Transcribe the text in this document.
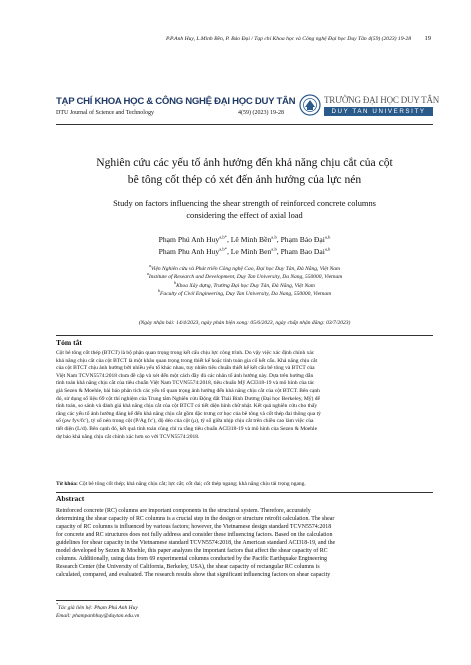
P.P.Anh Huy, L.Minh Bền, P. Bảo Đại / Tạp chí Khoa học và Công nghệ Đại học Duy Tân 4(59) (2023) 19-28	19
TẠP CHÍ KHOA HỌC & CÔNG NGHỆ ĐẠI HỌC DUY TÂN
DTU Journal of Science and Technology	4(59) (2023) 19-28
TRƯỜNG ĐẠI HỌC DUY TÂN
DUY TAN UNIVERSITY
Nghiên cứu các yếu tố ảnh hưởng đến khả năng chịu cắt của cột
bê tông cốt thép có xét đến ảnh hưởng của lực nén
Study on factors influencing the shear strength of reinforced concrete columns
considering the effect of axial load
Phạm Phú Anh Huy$^{a,b*}$, Lê Minh Bền$^{a,b}$, Phạm Bảo Đại$^{a,b}$
Pham Phu Anh Huy$^{a,b*}$, Le Minh Ben$^{a,b}$, Pham Bao Dai$^{a,b}$
$^a$Viện Nghiên cứu và Phát triển Công nghệ Cao, Đại học Duy Tân, Đà Nẵng, Việt Nam
$^a$Institute of Research and Development, Duy Tan University, Da Nang, 550000, Vietnam
$^b$Khoa Xây dựng, Trường Đại học Duy Tân, Đà Nẵng, Việt Nam
$^b$Faculty of Civil Engineering, Duy Tan University, Da Nang, 550000, Vietnam
(Ngày nhận bài: 14/4/2023, ngày phản biện xong: 05/6/2023, ngày chấp nhận đăng: 03/7/2023)
Tóm tắt
Cột bê tông cốt thép (BTCT) là bộ phận quan trọng trong kết cấu chịu lực công trình. Do vậy việc xác định chính xác
khả năng chịu cắt của cột BTCT là một khâu quan trọng trong thiết kế hoặc tính toán gia cố kết cấu. Khả năng chịu cắt
của cột BTCT chịu ảnh hưởng bởi nhiều yếu tố khác nhau, tuy nhiên tiêu chuẩn thiết kế kết cấu bê tông và BTCT của
Việt Nam TCVN5574:2018 chưa đề cập và xét đến một cách đầy đủ các nhân tố ảnh hưởng này. Dựa trên hướng dẫn
tính toán khả năng chịu cắt của tiêu chuẩn Việt Nam TCVN5574:2018, tiêu chuẩn Mỹ ACI318-19 và mô hình của tác
giả Sezen & Moehle, bài báo phân tích các yếu tố quan trọng ảnh hưởng đến khả năng chịu cắt của cột BTCT. Bên cạnh
đó, sử dụng số liệu 69 cột thí nghiệm của Trung tâm Nghiên cứu Động đất Thái Bình Dương (Đại học Berkeley, Mỹ) để
tính toán, so sánh và đánh giá khả năng chịu cắt của cột BTCT có tiết diện hình chữ nhật. Kết quả nghiên cứu cho thấy
rằng các yếu tố ảnh hưởng đáng kể đến khả năng chịu cắt gồm đặc trưng cơ học của bê tông và cốt thép đai thông qua tỷ
số (ρw fyv/fc′), tỷ số nén trong cột (P/Ag fc′), độ dẻo của cột (μ), tỷ số giữa nhịp chịu cắt trên chiều cao làm việc của
tiết diện (L/d). Bên cạnh đó, kết quả tính toán cũng chỉ ra rằng tiêu chuẩn ACI318-19 và mô hình của Sezen & Moehle
dự báo khả năng chịu cắt chính xác hơn so với TCVN5574:2018.
Từ khóa: Cột bê tông cốt thép; khả năng chịu cắt; lực cắt; cốt đai; cốt thép ngang; khả năng chịu tải trọng ngang.
Abstract
Reinforced concrete (RC) columns are important components in the structural system. Therefore, accurately
determining the shear capacity of RC columns is a crucial step in the design or structure retrofit calculation. The shear
capacity of RC columns is influenced by various factors; however, the Vietnamese design standard TCVN5574:2018
for concrete and RC structures does not fully address and consider these influencing factors. Based on the calculation
guidelines for shear capacity in the Vietnamese standard TCVN5574:2018, the American standard ACI318-19, and the
model developed by Sezen & Moehle, this paper analyzes the important factors that affect the shear capacity of RC
columns. Additionally, using data from 69 experimental columns conducted by the Pacific Earthquake Engineering
Research Center (the University of California, Berkeley, USA), the shear capacity of rectangular RC columns is
calculated, compared, and evaluated. The research results show that significant influencing factors on shear capacity
*Tác giả liên hệ: Phạm Phú Anh Huy
Email: phampanhhuy@duytan.edu.vn
